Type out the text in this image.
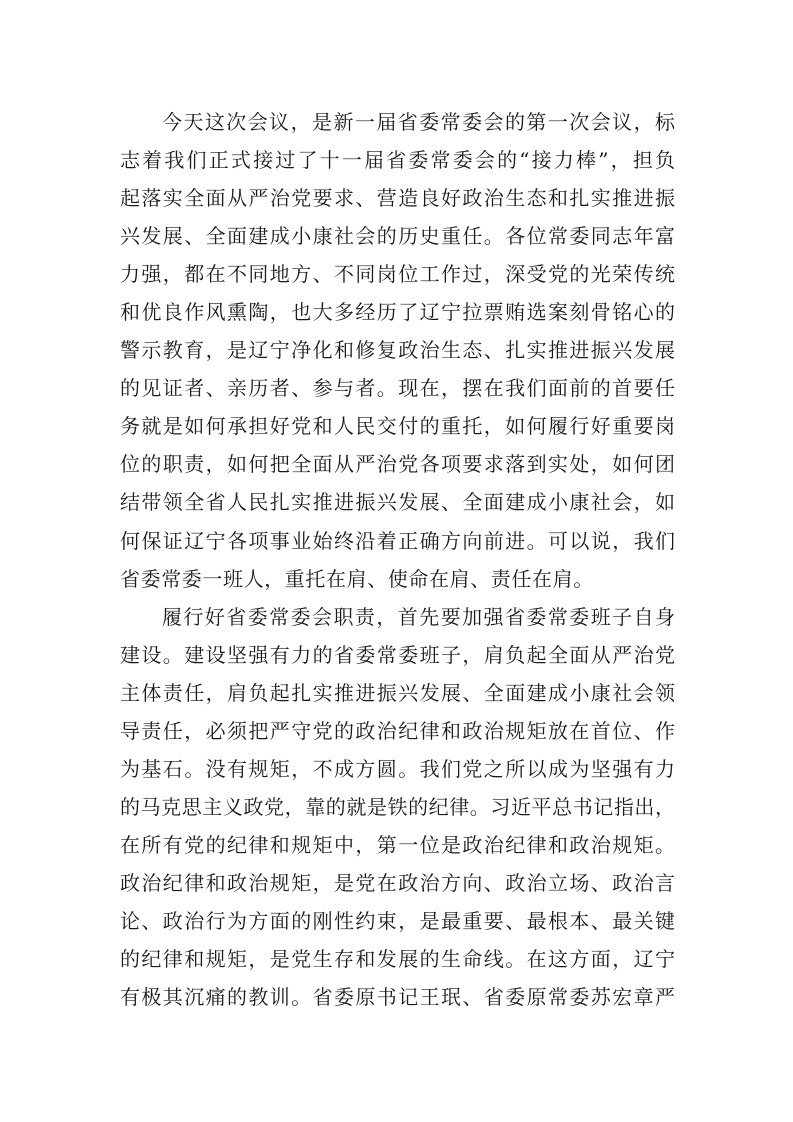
今天这次会议，是新一届省委常委会的第一次会议，标
志着我们正式接过了十一届省委常委会的“接力棒”，担负
起落实全面从严治党要求、营造良好政治生态和扎实推进振
兴发展、全面建成小康社会的历史重任。各位常委同志年富
力强，都在不同地方、不同岗位工作过，深受党的光荣传统
和优良作风熏陶，也大多经历了辽宁拉票贿选案刻骨铭心的
警示教育，是辽宁净化和修复政治生态、扎实推进振兴发展
的见证者、亲历者、参与者。现在，摆在我们面前的首要任
务就是如何承担好党和人民交付的重托，如何履行好重要岗
位的职责，如何把全面从严治党各项要求落到实处，如何团
结带领全省人民扎实推进振兴发展、全面建成小康社会，如
何保证辽宁各项事业始终沿着正确方向前进。可以说，我们
省委常委一班人，重托在肩、使命在肩、责任在肩。
履行好省委常委会职责，首先要加强省委常委班子自身
建设。建设坚强有力的省委常委班子，肩负起全面从严治党
主体责任，肩负起扎实推进振兴发展、全面建成小康社会领
导责任，必须把严守党的政治纪律和政治规矩放在首位、作
为基石。没有规矩，不成方圆。我们党之所以成为坚强有力
的马克思主义政党，靠的就是铁的纪律。习近平总书记指出，
在所有党的纪律和规矩中，第一位是政治纪律和政治规矩。
政治纪律和政治规矩，是党在政治方向、政治立场、政治言
论、政治行为方面的刚性约束，是最重要、最根本、最关键
的纪律和规矩，是党生存和发展的生命线。在这方面，辽宁
有极其沉痛的教训。省委原书记王珉、省委原常委苏宏章严
